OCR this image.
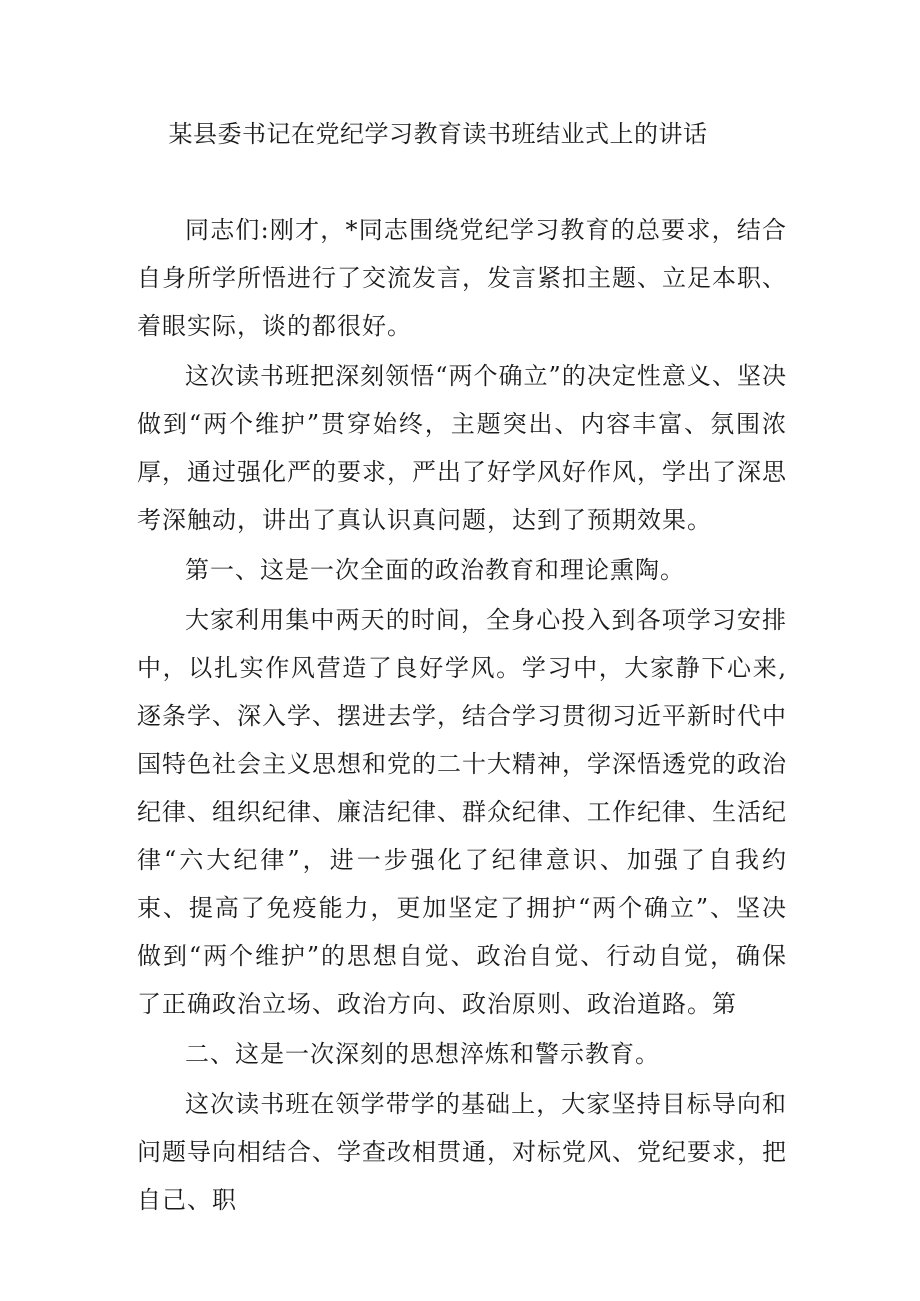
某县委书记在党纪学习教育读书班结业式上的讲话

同志们:刚才，*同志围绕党纪学习教育的总要求，结合自身所学所悟进行了交流发言，发言紧扣主题、立足本职、着眼实际，谈的都很好。

这次读书班把深刻领悟“两个确立”的决定性意义、坚决做到“两个维护”贯穿始终，主题突出、内容丰富、氛围浓厚，通过强化严的要求，严出了好学风好作风，学出了深思考深触动，讲出了真认识真问题，达到了预期效果。

第一、这是一次全面的政治教育和理论熏陶。

大家利用集中两天的时间，全身心投入到各项学习安排中，以扎实作风营造了良好学风。学习中，大家静下心来,逐条学、深入学、摆进去学，结合学习贯彻习近平新时代中国特色社会主义思想和党的二十大精神，学深悟透党的政治纪律、组织纪律、廉洁纪律、群众纪律、工作纪律、生活纪律“六大纪律”，进一步强化了纪律意识、加强了自我约束、提高了免疫能力，更加坚定了拥护“两个确立”、坚决做到“两个维护”的思想自觉、政治自觉、行动自觉，确保了正确政治立场、政治方向、政治原则、政治道路。第

二、这是一次深刻的思想淬炼和警示教育。

这次读书班在领学带学的基础上，大家坚持目标导向和问题导向相结合、学查改相贯通，对标党风、党纪要求，把自己、职
